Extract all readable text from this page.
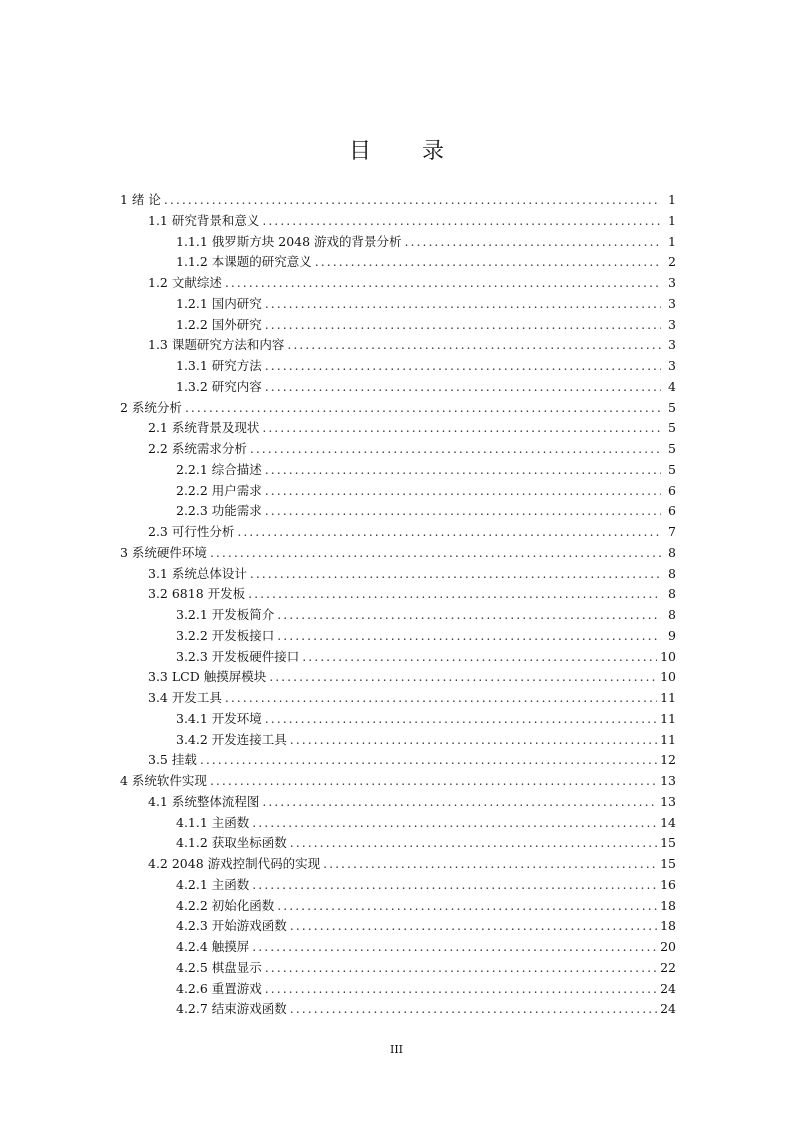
目 录
1 绪 论 .....	1
1.1 研究背景和意义 .....	1
1.1.1 俄罗斯方块 2048 游戏的背景分析 .....	1
1.1.2 本课题的研究意义 .....	2
1.2 文献综述 .....	3
1.2.1 国内研究 .....	3
1.2.2 国外研究 .....	3
1.3 课题研究方法和内容 .....	3
1.3.1 研究方法 .....	3
1.3.2 研究内容 .....	4
2 系统分析 .....	5
2.1 系统背景及现状 .....	5
2.2 系统需求分析 .....	5
2.2.1 综合描述 .....	5
2.2.2 用户需求 .....	6
2.2.3 功能需求 .....	6
2.3 可行性分析 .....	7
3 系统硬件环境 .....	8
3.1 系统总体设计 .....	8
3.2 6818 开发板 .....	8
3.2.1 开发板简介 .....	8
3.2.2 开发板接口 .....	9
3.2.3 开发板硬件接口 .....	10
3.3 LCD 触摸屏模块 .....	10
3.4 开发工具 .....	11
3.4.1 开发环境 .....	11
3.4.2 开发连接工具 .....	11
3.5 挂载 .....	12
4 系统软件实现 .....	13
4.1 系统整体流程图 .....	13
4.1.1 主函数 .....	14
4.1.2 获取坐标函数 .....	15
4.2 2048 游戏控制代码的实现 .....	15
4.2.1 主函数 .....	16
4.2.2 初始化函数 .....	18
4.2.3 开始游戏函数 .....	18
4.2.4 触摸屏 .....	20
4.2.5 棋盘显示 .....	22
4.2.6 重置游戏 .....	24
4.2.7 结束游戏函数 .....	24
III
